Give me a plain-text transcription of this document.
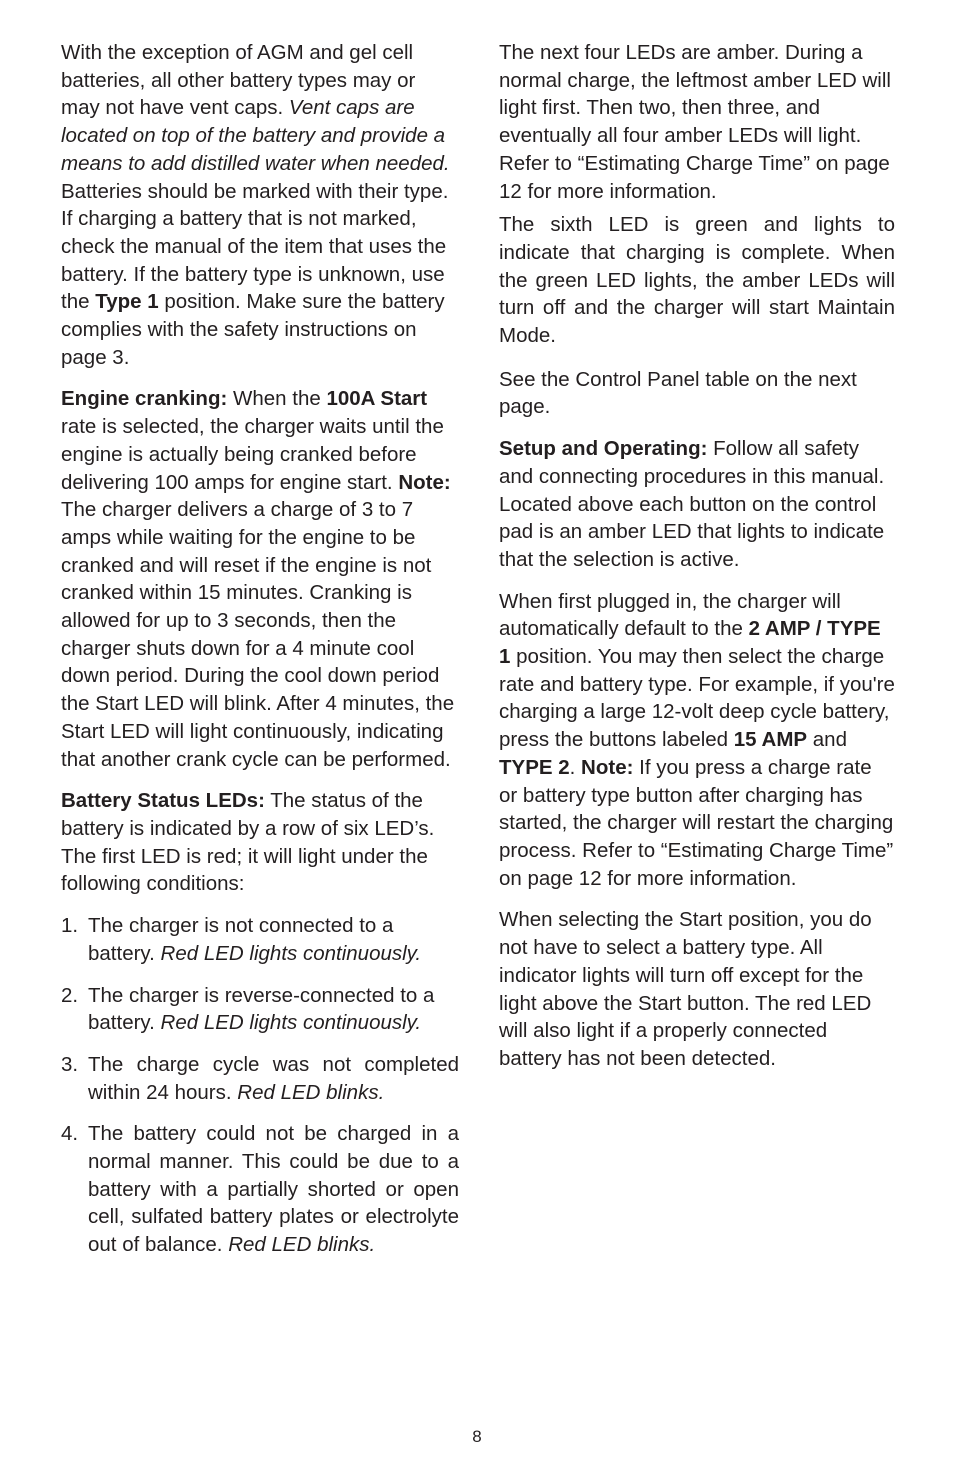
With the exception of AGM and gel cell batteries, all other battery types may or may not have vent caps. Vent caps are located on top of the battery and provide a means to add distilled water when needed. Batteries should be marked with their type. If charging a battery that is not marked, check the manual of the item that uses the battery. If the battery type is unknown, use the Type 1 position. Make sure the battery complies with the safety instructions on page 3.

Engine cranking: When the 100A Start rate is selected, the charger waits until the engine is actually being cranked before delivering 100 amps for engine start. Note: The charger delivers a charge of 3 to 7 amps while waiting for the engine to be cranked and will reset if the engine is not cranked within 15 minutes. Cranking is allowed for up to 3 seconds, then the charger shuts down for a 4 minute cool down period. During the cool down period the Start LED will blink. After 4 minutes, the Start LED will light continuously, indicating that another crank cycle can be performed.

Battery Status LEDs: The status of the battery is indicated by a row of six LED’s. The first LED is red; it will light under the following conditions:

1. The charger is not connected to a battery. Red LED lights continuously.
2. The charger is reverse-connected to a battery. Red LED lights continuously.
3. The charge cycle was not completed within 24 hours. Red LED blinks.
4. The battery could not be charged in a normal manner. This could be due to a battery with a partially shorted or open cell, sulfated battery plates or electrolyte out of balance. Red LED blinks.

The next four LEDs are amber. During a normal charge, the leftmost amber LED will light first. Then two, then three, and eventually all four amber LEDs will light. Refer to “Estimating Charge Time” on page 12 for more information.

The sixth LED is green and lights to indicate that charging is complete. When the green LED lights, the amber LEDs will turn off and the charger will start Maintain Mode.

See the Control Panel table on the next page.

Setup and Operating: Follow all safety and connecting procedures in this manual. Located above each button on the control pad is an amber LED that lights to indicate that the selection is active.

When first plugged in, the charger will automatically default to the 2 AMP / TYPE 1 position. You may then select the charge rate and battery type. For example, if you're charging a large 12-volt deep cycle battery, press the buttons labeled 15 AMP and TYPE 2. Note: If you press a charge rate or battery type button after charging has started, the charger will restart the charging process. Refer to “Estimating Charge Time” on page 12 for more information.

When selecting the Start position, you do not have to select a battery type. All indicator lights will turn off except for the light above the Start button. The red LED will also light if a properly connected battery has not been detected.

8
